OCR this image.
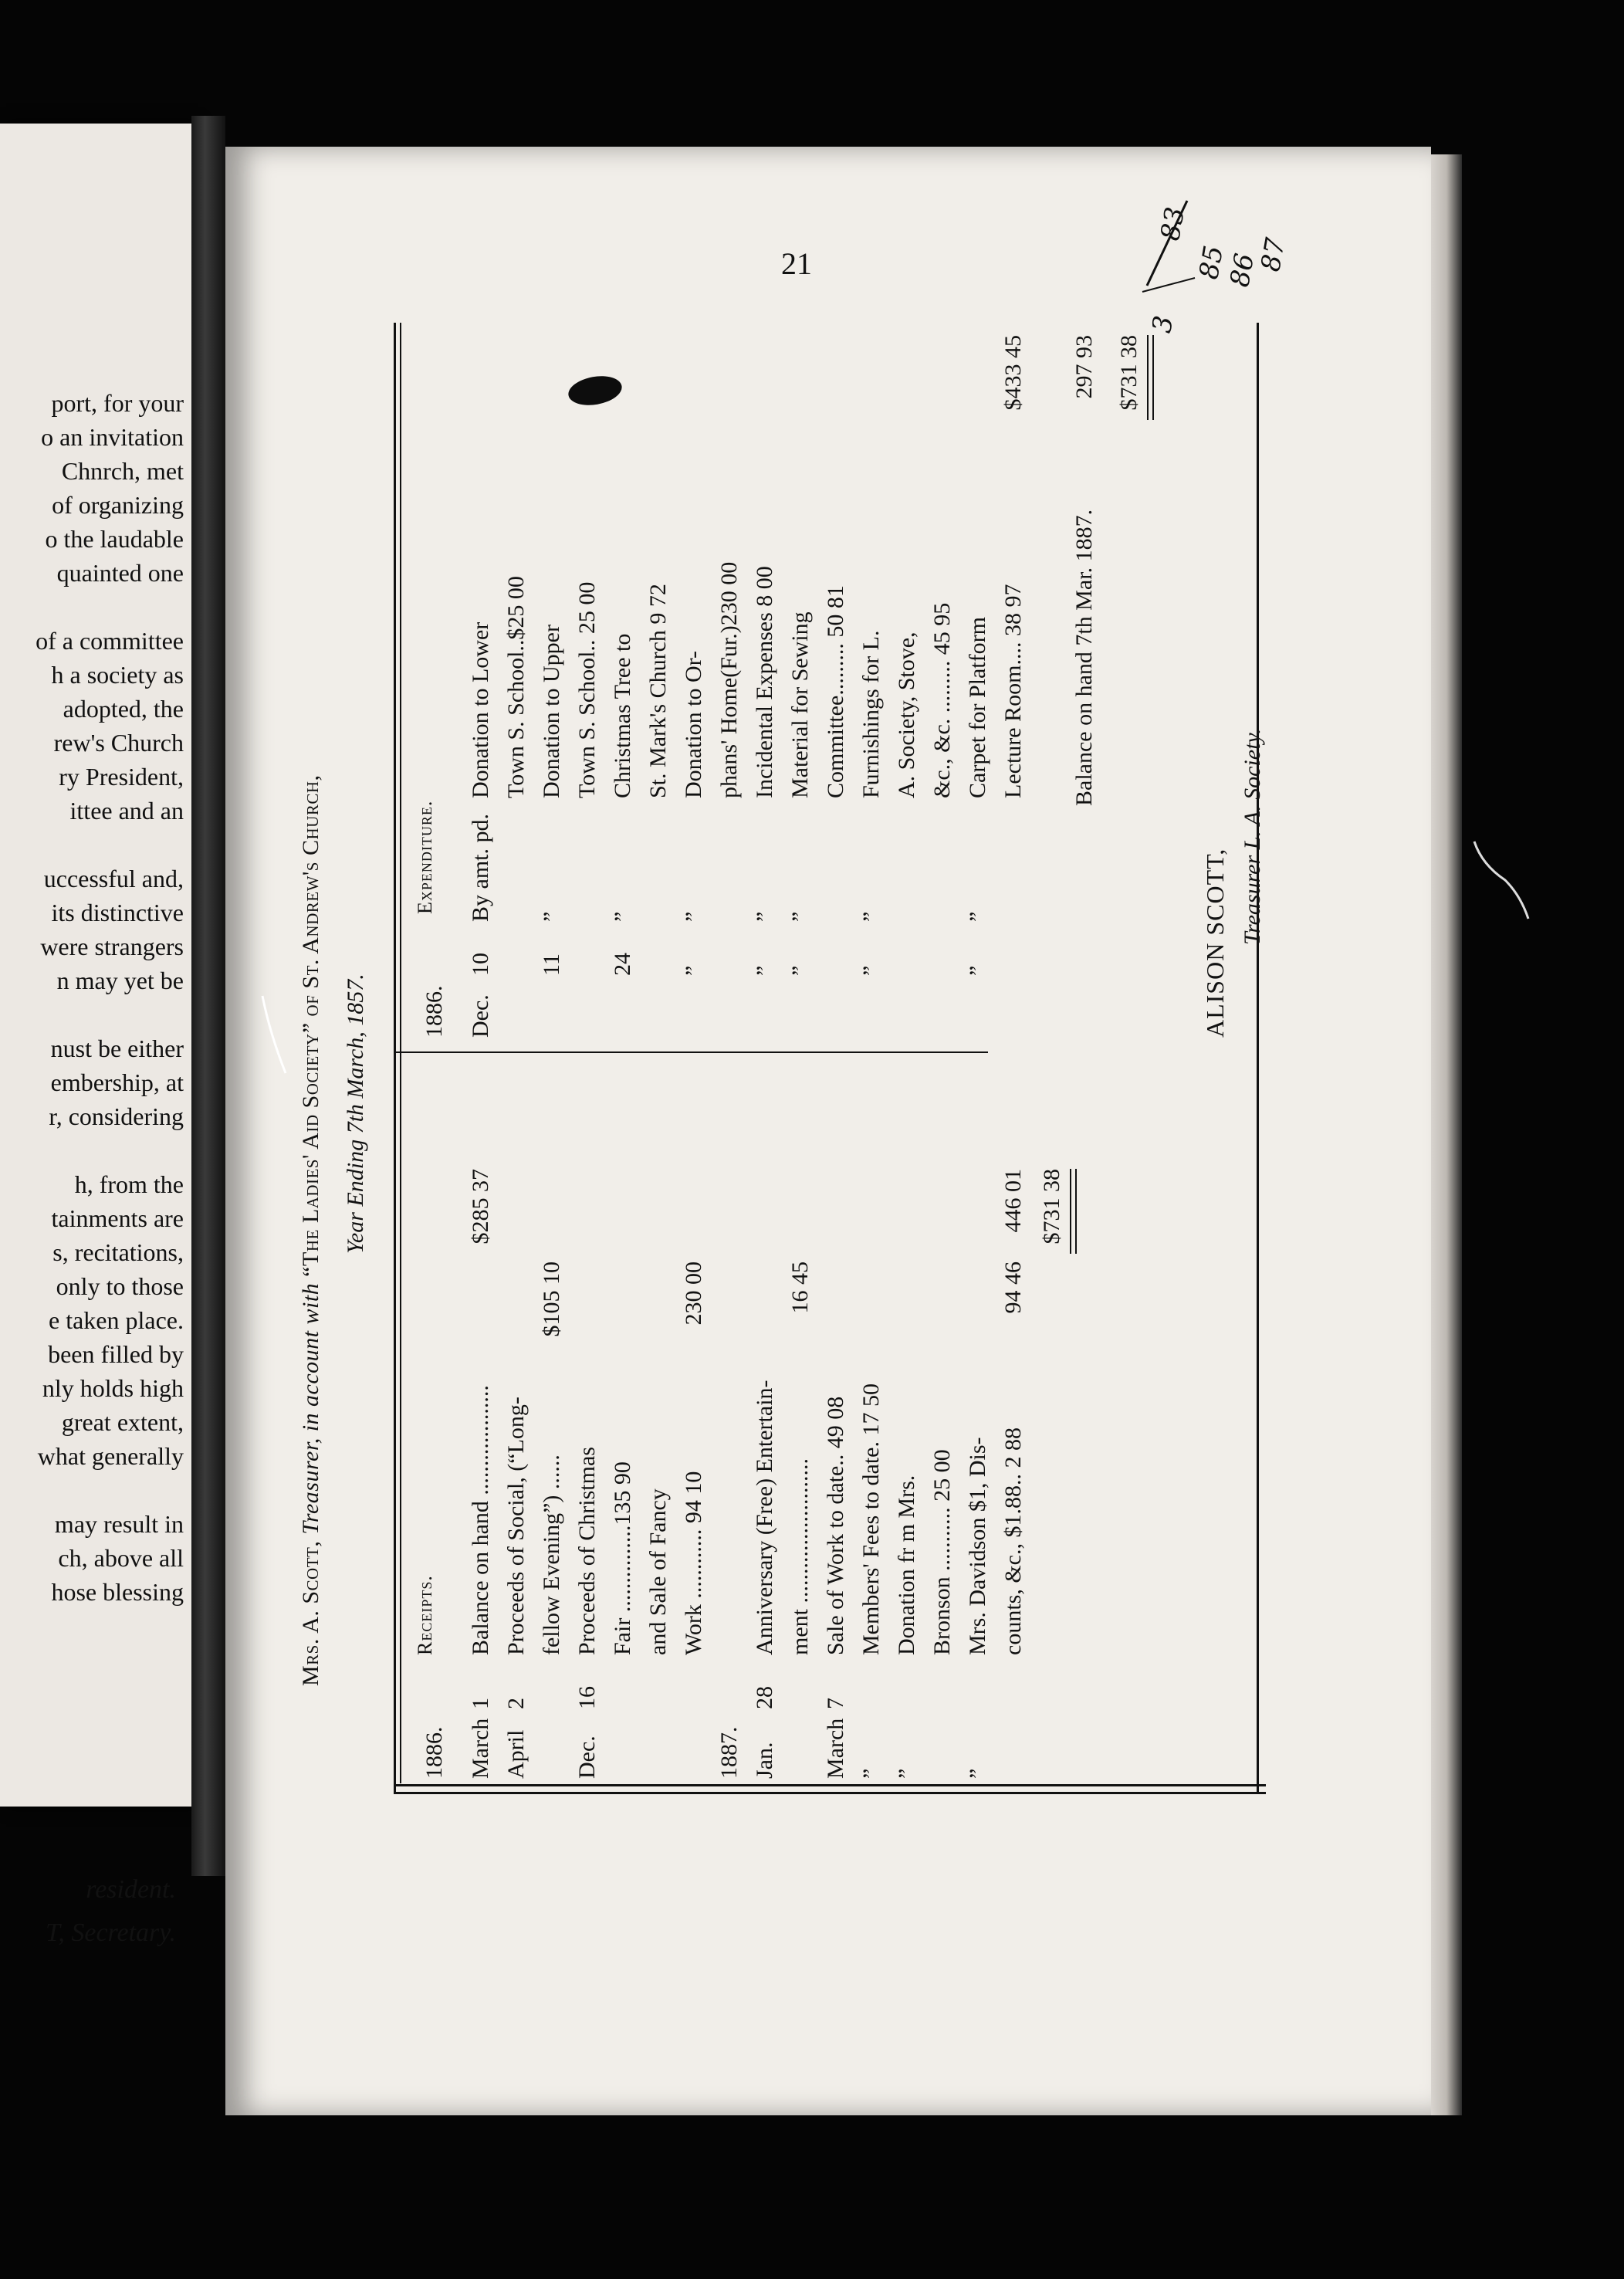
port, for your
o an invitation
Chnrch, met
of organizing
o the laudable
quainted one
of a committee
h a society as
adopted, the
rew's Church
ry President,
ittee and an
uccessful and,
its distinctive
were strangers
n may yet be
nust be either
embership, at
r, considering
h, from the
tainments are
s, recitations,
only to those
e taken place.
been filled by
nly holds high
great extent,
what generally
may result in
ch, above all
hose blessing
resident.
T, Secretary.
21
83
3
85
86
87
Mrs. A. Scott, Treasurer, in account with “The Ladies' Aid Society” of St. Andrew's Church, Year Ending 7th March, 1857.
Receipts.
1886. March
1
Balance on hand ...................
$285 37
April
2
Proceeds of Social, (“Long- fellow Evening”) ......
$105 10
Dec.
16
Proceeds of Christmas Fair ...............135 90 and Sale of Fancy Work ............ 94 10
230 00
1887. Jan.
28
Anniversary (Free) Entertain- ment .........................
16 45
March
7
Sale of Work to date.. 49 08
”
Members' Fees to date. 17 50
”
Donation fr m Mrs. Bronson ........... 25 00
”
Mrs. Davidson $1, Dis- counts, &c., $1.88.. 2 88
94 46
446 01 $731 38
Expenditure.
1886. Dec.
10
By amt. pd.
Donation to Lower Town S. School..$25 00
11
”
Donation to Upper Town S. School.. 25 00
24
”
Christmas Tree to St. Mark's Church 9 72
”
”
Donation to Or- phans' Home(Fur.)230 00
”
”
Incidental Expenses 8 00
”
”
Material for Sewing Committee......... 50 81
”
”
Furnishings for L. A. Society, Stove, &c., &c. ......... 45 95
”
”
Carpet for Platform Lecture Room.... 38 97
$433 45
Balance on hand 7th Mar. 1887.
297 93 $731 38
ALISON SCOTT, Treasurer L. A. Society.
